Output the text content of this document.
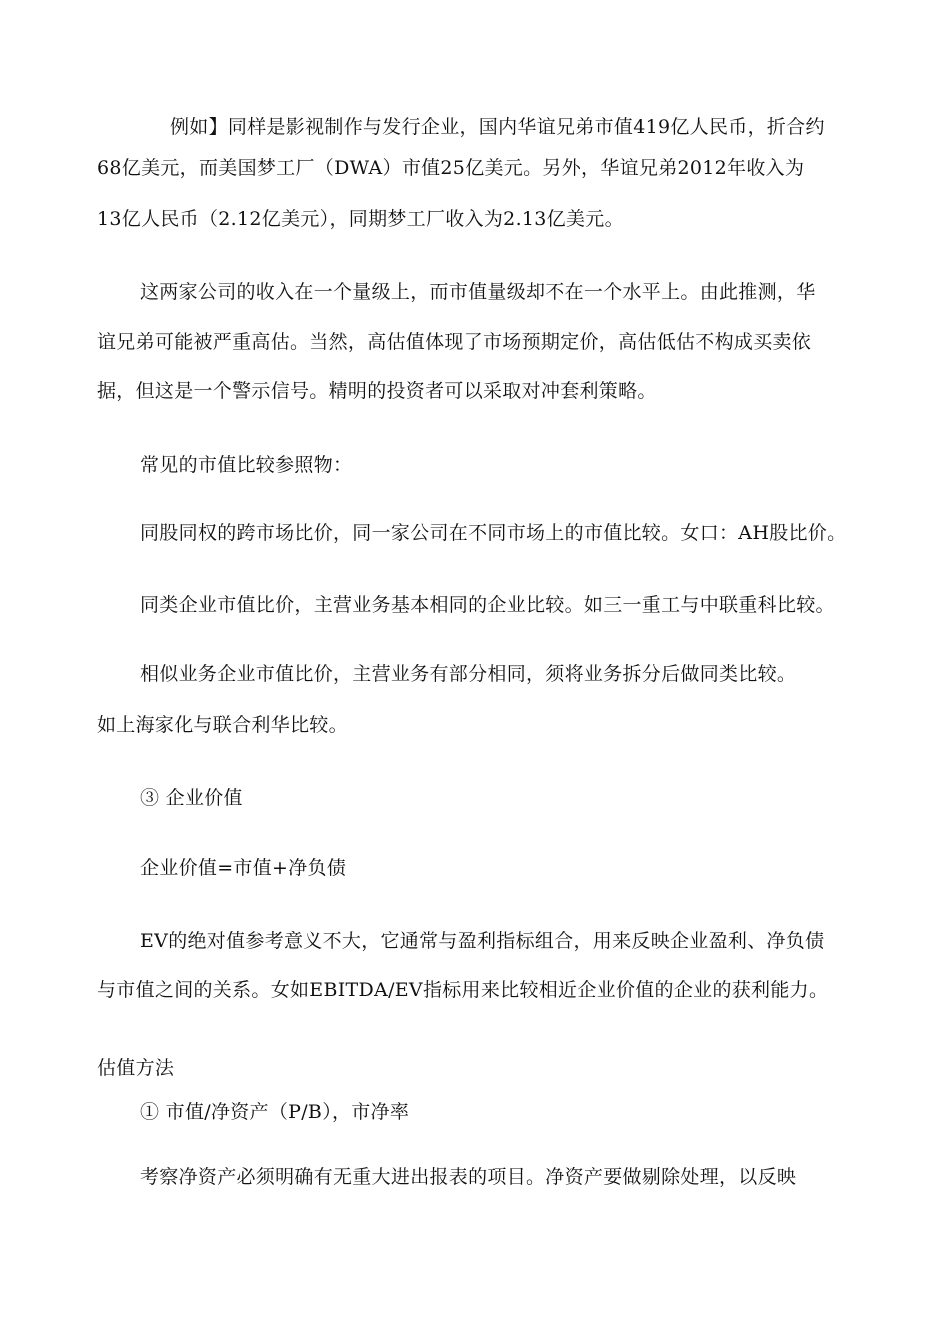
例如】同样是影视制作与发行企业，国内华谊兄弟市值419亿人民币，折合约
68亿美元，而美国梦工厂（DWA）市值25亿美元。另外，华谊兄弟2012年收入为
13亿人民币（2.12亿美元），同期梦工厂收入为2.13亿美元。
这两家公司的收入在一个量级上，而市值量级却不在一个水平上。由此推测，华
谊兄弟可能被严重高估。当然，高估值体现了市场预期定价，高估低估不构成买卖依
据，但这是一个警示信号。精明的投资者可以采取对冲套利策略。
常见的市值比较参照物：
同股同权的跨市场比价，同一家公司在不同市场上的市值比较。女口：AH股比价。
同类企业市值比价，主营业务基本相同的企业比较。如三一重工与中联重科比较。
相似业务企业市值比价，主营业务有部分相同，须将业务拆分后做同类比较。
如上海家化与联合利华比较。
③ 企业价值
企业价值=市值+净负债
EV的绝对值参考意义不大，它通常与盈利指标组合，用来反映企业盈利、净负债
与市值之间的关系。女如EBITDA/EV指标用来比较相近企业价值的企业的获利能力。
估值方法
① 市值/净资产（P/B），市净率
考察净资产必须明确有无重大进出报表的项目。净资产要做剔除处理，以反映
